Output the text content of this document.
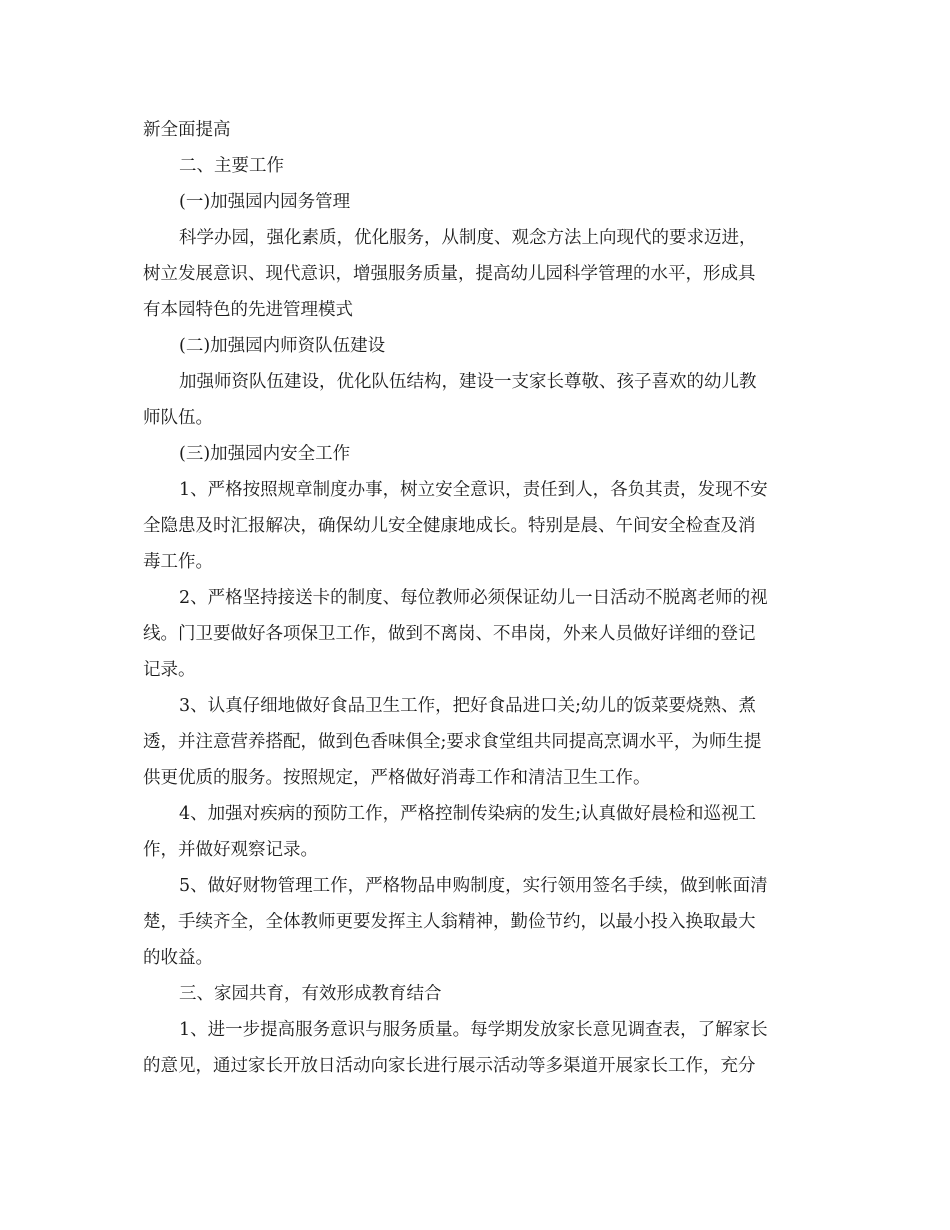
新全面提高
二、主要工作
(一)加强园内园务管理
科学办园，强化素质，优化服务，从制度、观念方法上向现代的要求迈进，
树立发展意识、现代意识，增强服务质量，提高幼儿园科学管理的水平，形成具
有本园特色的先进管理模式
(二)加强园内师资队伍建设
加强师资队伍建设，优化队伍结构，建设一支家长尊敬、孩子喜欢的幼儿教
师队伍。
(三)加强园内安全工作
1、严格按照规章制度办事，树立安全意识，责任到人，各负其责，发现不安
全隐患及时汇报解决，确保幼儿安全健康地成长。特别是晨、午间安全检查及消
毒工作。
2、严格坚持接送卡的制度、每位教师必须保证幼儿一日活动不脱离老师的视
线。门卫要做好各项保卫工作，做到不离岗、不串岗，外来人员做好详细的登记
记录。
3、认真仔细地做好食品卫生工作，把好食品进口关;幼儿的饭菜要烧熟、煮
透，并注意营养搭配，做到色香味俱全;要求食堂组共同提高烹调水平，为师生提
供更优质的服务。按照规定，严格做好消毒工作和清洁卫生工作。
4、加强对疾病的预防工作，严格控制传染病的发生;认真做好晨检和巡视工
作，并做好观察记录。
5、做好财物管理工作，严格物品申购制度，实行领用签名手续，做到帐面清
楚，手续齐全，全体教师更要发挥主人翁精神，勤俭节约，以最小投入换取最大
的收益。
三、家园共育，有效形成教育结合
1、进一步提高服务意识与服务质量。每学期发放家长意见调查表，了解家长
的意见，通过家长开放日活动向家长进行展示活动等多渠道开展家长工作，充分
